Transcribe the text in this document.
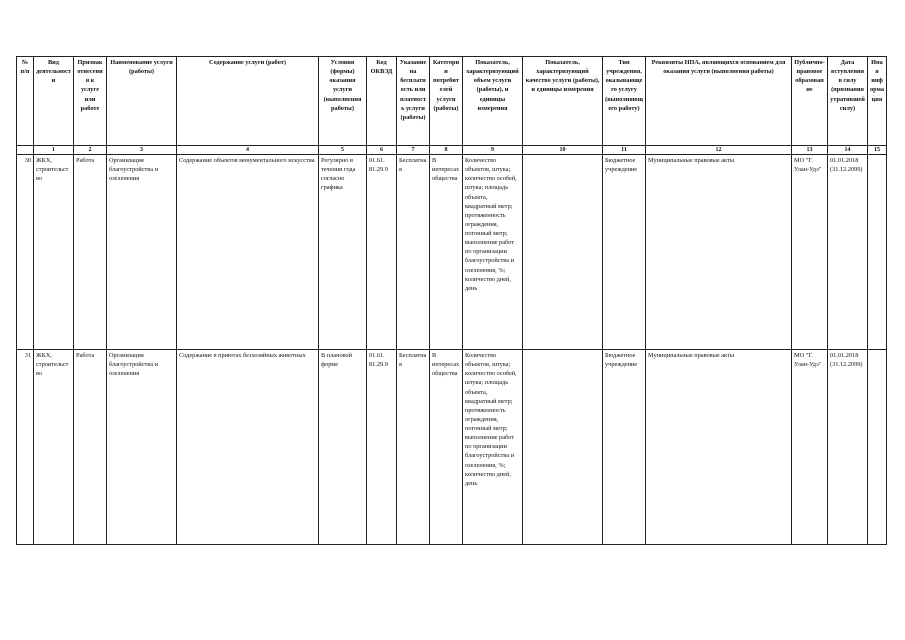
№ п/п	Вид деятельности	Признак отнесения к услуге или работе	Наименование услуги (работы)	Содержание услуги (работ)	Условия (формы) оказания услуги (выполнения работы)	Код ОКВЭД	Указание на бесплатность или платность услуги (работы)	Категории потребителей услуги (работы)	Показатель, характеризующий объем услуги (работы), и единицы измерения	Показатель, характеризующий качество услуги (работы), и единицы измерения	Тип учреждения, оказывающего услугу (выполняющего работу)	Реквизиты НПА, являющихся основанием для оказания услуги (выполнения работы)	Публично-правовое образование	Дата вступления в силу (признания утратившей силу)	Иная информация
	1	2	3	4	5	6	7	8	9	10	11	12	13	14	15
30	ЖКХ, строительство	Работа	Организация благоустройства и озеленения	Содержание объектов монументального искусства	Регулярно в течении года согласно графика	01.61. 81.29.9	Бесплатная	В интересах общества	Количество объектов, штука; количество особей, штука; площадь объекта, квадратный метр; протяженность ограждения, погонный метр; выполнение работ по организации благоустройства и озеленения, %; количество дней, день		Бюджетное учреждение	Муниципальные правовые акты	МО "Г. Улан-Удэ"	01.01.2018 (31.12.2099)	
31	ЖКХ, строительство	Работа	Организация благоустройства и озеленения	Содержание в приютах безхозяйных животных	В плановой форме	01.61. 81.29.9	Бесплатная	В интересах общества	Количество объектов, штука; количество особей, штука; площадь объекта, квадратный метр; протяженность ограждения, погонный метр; выполнение работ по организации благоустройства и озеленения, %; количество дней, день		Бюджетное учреждение	Муниципальные правовые акты	МО "Г. Улан-Удэ"	01.01.2018 (31.12.2099)	
